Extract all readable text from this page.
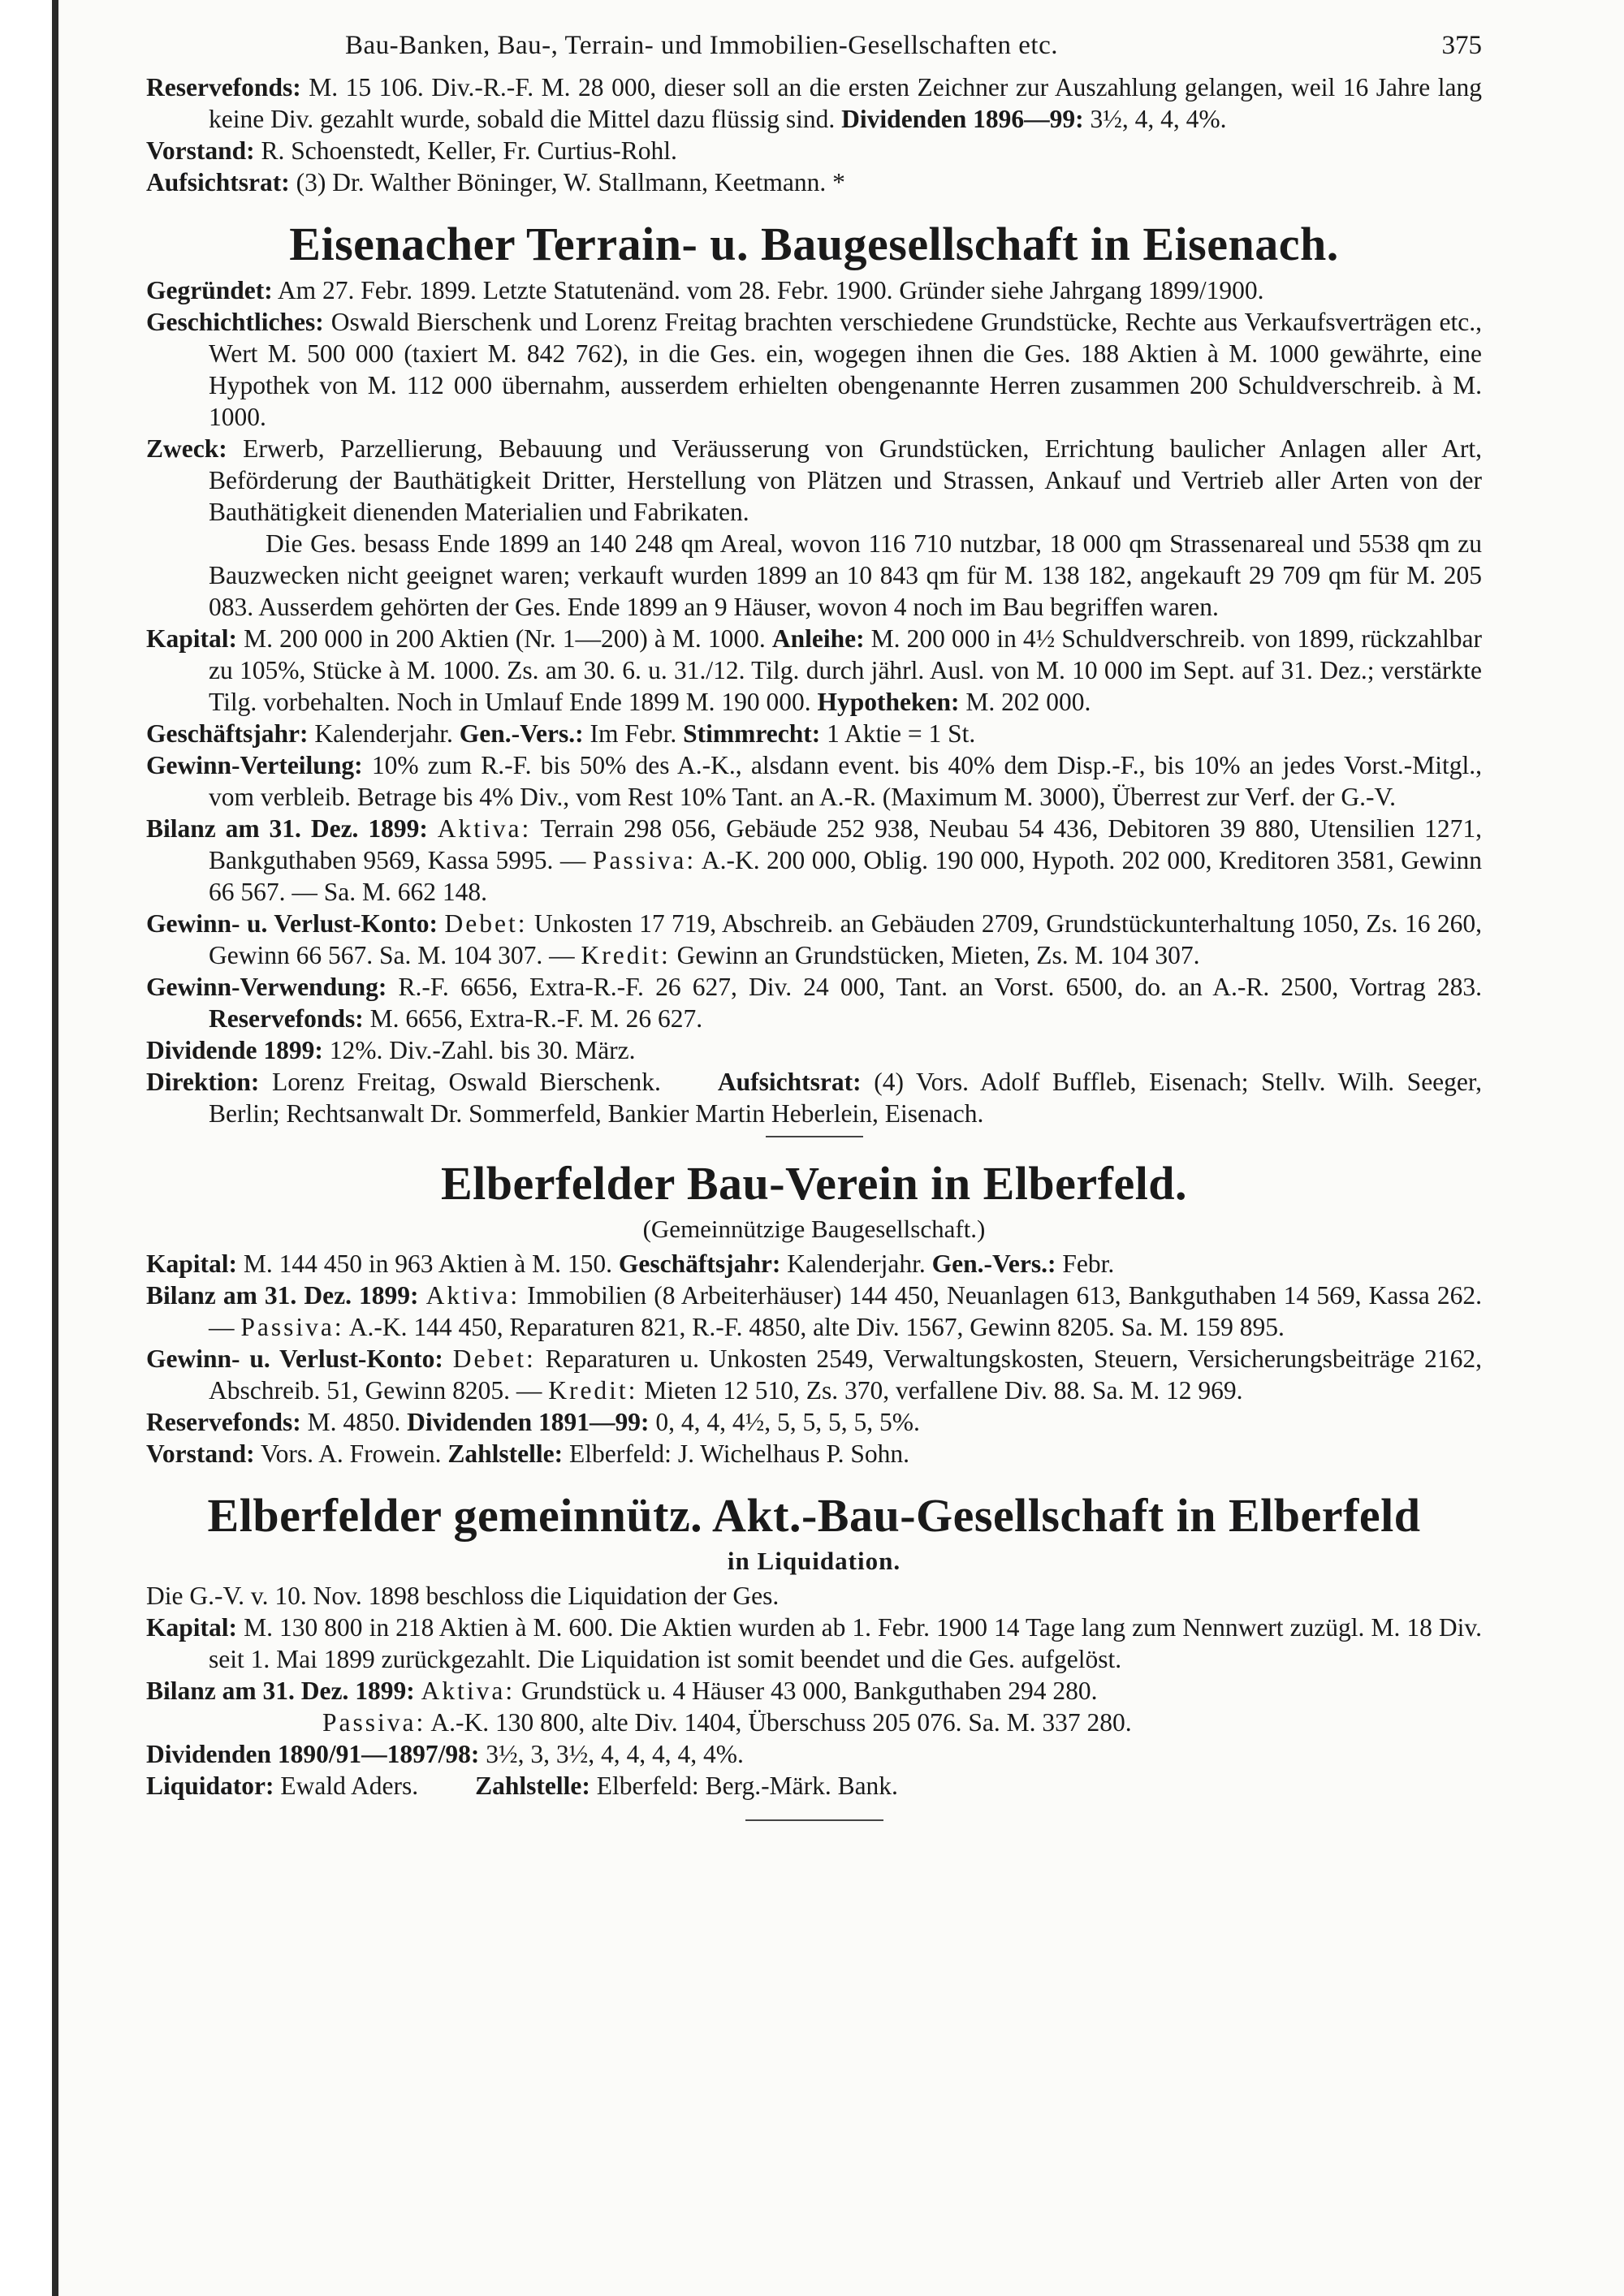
Bau-Banken, Bau-, Terrain- und Immobilien-Gesellschaften etc.	375

Reservefonds: M. 15 106. Div.-R.-F. M. 28 000, dieser soll an die ersten Zeichner zur Auszahlung gelangen, weil 16 Jahre lang keine Div. gezahlt wurde, sobald die Mittel dazu flüssig sind. Dividenden 1896—99: 3½, 4, 4, 4%.

Vorstand: R. Schoenstedt, Keller, Fr. Curtius-Rohl.

Aufsichtsrat: (3) Dr. Walther Böninger, W. Stallmann, Keetmann. *

Eisenacher Terrain- u. Baugesellschaft in Eisenach.

Gegründet: Am 27. Febr. 1899. Letzte Statutenänd. vom 28. Febr. 1900. Gründer siehe Jahrgang 1899/1900.

Geschichtliches: Oswald Bierschenk und Lorenz Freitag brachten verschiedene Grundstücke, Rechte aus Verkaufsverträgen etc., Wert M. 500 000 (taxiert M. 842 762), in die Ges. ein, wogegen ihnen die Ges. 188 Aktien à M. 1000 gewährte, eine Hypothek von M. 112 000 übernahm, ausserdem erhielten obengenannte Herren zusammen 200 Schuldverschreib. à M. 1000.

Zweck: Erwerb, Parzellierung, Bebauung und Veräusserung von Grundstücken, Errichtung baulicher Anlagen aller Art, Beförderung der Bauthätigkeit Dritter, Herstellung von Plätzen und Strassen, Ankauf und Vertrieb aller Arten von der Bauthätigkeit dienenden Materialien und Fabrikaten.

Die Ges. besass Ende 1899 an 140 248 qm Areal, wovon 116 710 nutzbar, 18 000 qm Strassenareal und 5538 qm zu Bauzwecken nicht geeignet waren; verkauft wurden 1899 an 10 843 qm für M. 138 182, angekauft 29 709 qm für M. 205 083. Ausserdem gehörten der Ges. Ende 1899 an 9 Häuser, wovon 4 noch im Bau begriffen waren.

Kapital: M. 200 000 in 200 Aktien (Nr. 1—200) à M. 1000. Anleihe: M. 200 000 in 4½ Schuldverschreib. von 1899, rückzahlbar zu 105%, Stücke à M. 1000. Zs. am 30. 6. u. 31./12. Tilg. durch jährl. Ausl. von M. 10 000 im Sept. auf 31. Dez.; verstärkte Tilg. vorbehalten. Noch in Umlauf Ende 1899 M. 190 000. Hypotheken: M. 202 000.

Geschäftsjahr: Kalenderjahr. Gen.-Vers.: Im Febr. Stimmrecht: 1 Aktie = 1 St.

Gewinn-Verteilung: 10% zum R.-F. bis 50% des A.-K., alsdann event. bis 40% dem Disp.-F., bis 10% an jedes Vorst.-Mitgl., vom verbleib. Betrage bis 4% Div., vom Rest 10% Tant. an A.-R. (Maximum M. 3000), Überrest zur Verf. der G.-V.

Bilanz am 31. Dez. 1899: Aktiva: Terrain 298 056, Gebäude 252 938, Neubau 54 436, Debitoren 39 880, Utensilien 1271, Bankguthaben 9569, Kassa 5995. — Passiva: A.-K. 200 000, Oblig. 190 000, Hypoth. 202 000, Kreditoren 3581, Gewinn 66 567. — Sa. M. 662 148.

Gewinn- u. Verlust-Konto: Debet: Unkosten 17 719, Abschreib. an Gebäuden 2709, Grundstückunterhaltung 1050, Zs. 16 260, Gewinn 66 567. Sa. M. 104 307. — Kredit: Gewinn an Grundstücken, Mieten, Zs. M. 104 307.

Gewinn-Verwendung: R.-F. 6656, Extra-R.-F. 26 627, Div. 24 000, Tant. an Vorst. 6500, do. an A.-R. 2500, Vortrag 283. Reservefonds: M. 6656, Extra-R.-F. M. 26 627.

Dividende 1899: 12%. Div.-Zahl. bis 30. März.

Direktion: Lorenz Freitag, Oswald Bierschenk. Aufsichtsrat: (4) Vors. Adolf Buffleb, Eisenach; Stellv. Wilh. Seeger, Berlin; Rechtsanwalt Dr. Sommerfeld, Bankier Martin Heberlein, Eisenach.

Elberfelder Bau-Verein in Elberfeld.
(Gemeinnützige Baugesellschaft.)

Kapital: M. 144 450 in 963 Aktien à M. 150. Geschäftsjahr: Kalenderjahr. Gen.-Vers.: Febr.

Bilanz am 31. Dez. 1899: Aktiva: Immobilien (8 Arbeiterhäuser) 144 450, Neuanlagen 613, Bankguthaben 14 569, Kassa 262. — Passiva: A.-K. 144 450, Reparaturen 821, R.-F. 4850, alte Div. 1567, Gewinn 8205. Sa. M. 159 895.

Gewinn- u. Verlust-Konto: Debet: Reparaturen u. Unkosten 2549, Verwaltungskosten, Steuern, Versicherungsbeiträge 2162, Abschreib. 51, Gewinn 8205. — Kredit: Mieten 12 510, Zs. 370, verfallene Div. 88. Sa. M. 12 969.

Reservefonds: M. 4850. Dividenden 1891—99: 0, 4, 4, 4½, 5, 5, 5, 5, 5%.

Vorstand: Vors. A. Frowein. Zahlstelle: Elberfeld: J. Wichelhaus P. Sohn.

Elberfelder gemeinnütz. Akt.-Bau-Gesellschaft in Elberfeld
in Liquidation.

Die G.-V. v. 10. Nov. 1898 beschloss die Liquidation der Ges.

Kapital: M. 130 800 in 218 Aktien à M. 600. Die Aktien wurden ab 1. Febr. 1900 14 Tage lang zum Nennwert zuzügl. M. 18 Div. seit 1. Mai 1899 zurückgezahlt. Die Liquidation ist somit beendet und die Ges. aufgelöst.

Bilanz am 31. Dez. 1899: Aktiva: Grundstück u. 4 Häuser 43 000, Bankguthaben 294 280.
Passiva: A.-K. 130 800, alte Div. 1404, Überschuss 205 076. Sa. M. 337 280.

Dividenden 1890/91—1897/98: 3½, 3, 3½, 4, 4, 4, 4, 4%.

Liquidator: Ewald Aders. Zahlstelle: Elberfeld: Berg.-Märk. Bank.
